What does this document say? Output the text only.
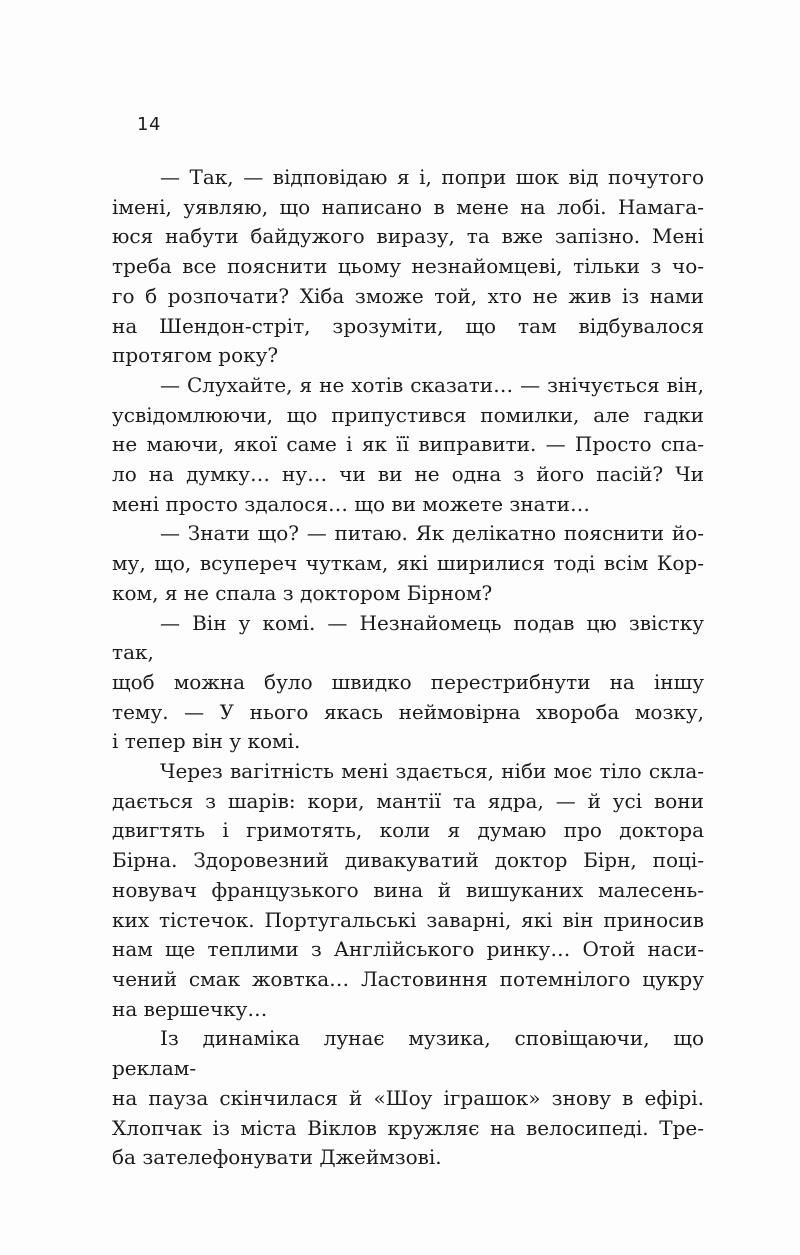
14

— Так, — відповідаю я і, попри шок від почутого
імені, уявляю, що написано в мене на лобі. Намага-
юся набути байдужого виразу, та вже запізно. Мені
треба все пояснити цьому незнайомцеві, тільки з чо-
го б розпочати? Хіба зможе той, хто не жив із нами
на Шендон-стріт, зрозуміти, що там відбувалося
протягом року?

— Слухайте, я не хотів сказати… — знічується він,
усвідомлюючи, що припустився помилки, але гадки
не маючи, якої саме і як її виправити. — Просто спа-
ло на думку… ну… чи ви не одна з його пасій? Чи
мені просто здалося… що ви можете знати…

— Знати що? — питаю. Як делікатно пояснити йо-
му, що, всупереч чуткам, які ширилися тоді всім Кор-
ком, я не спала з доктором Бірном?

— Він у комі. — Незнайомець подав цю звістку так,
щоб можна було швидко перестрибнути на іншу
тему. — У нього якась неймовірна хвороба мозку,
і тепер він у комі.

Через вагітність мені здається, ніби моє тіло скла-
дається з шарів: кори, мантії та ядра, — й усі вони
двигтять і гримотять, коли я думаю про доктора
Бірна. Здоровезний дивакуватий доктор Бірн, поці-
новувач французького вина й вишуканих малесень-
ких тістечок. Португальські заварні, які він приносив
нам ще теплими з Англійського ринку… Отой наси-
чений смак жовтка… Ластовиння потемнілого цукру
на вершечку…

Із динаміка лунає музика, сповіщаючи, що реклам-
на пауза скінчилася й «Шоу іграшок» знову в ефірі.
Хлопчак із міста Віклов кружляє на велосипеді. Тре-
ба зателефонувати Джеймзові.
